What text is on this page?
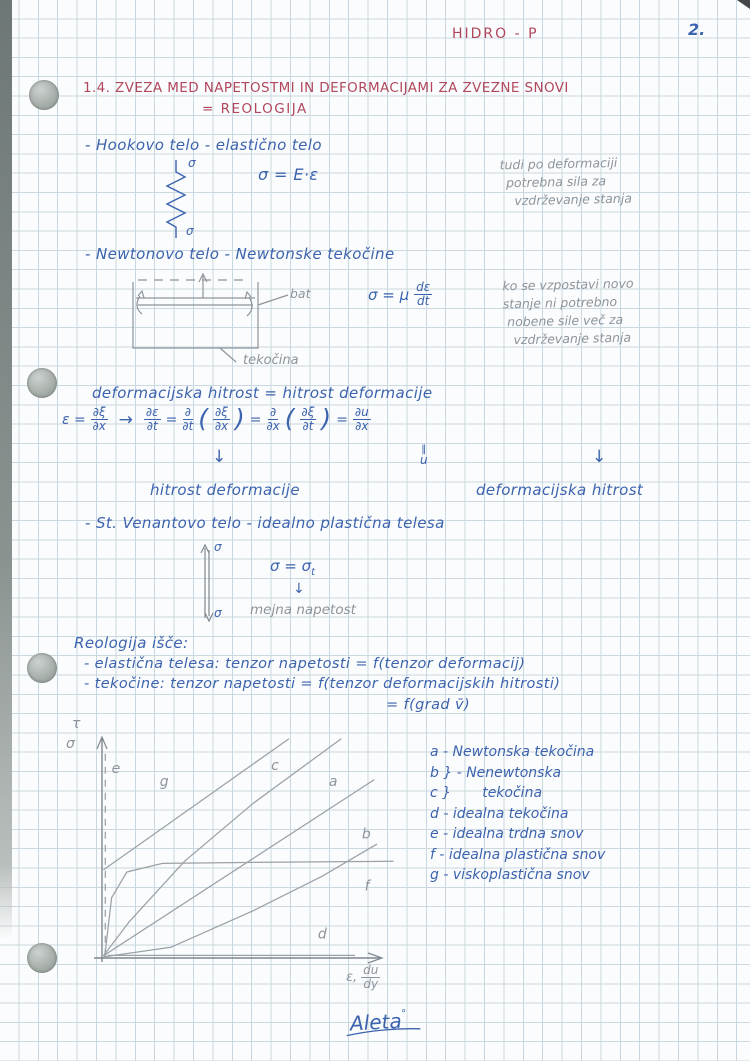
HIDRO - P	2.
1.4. ZVEZA MED NAPETOSTMI IN DEFORMACIJAMI ZA ZVEZNE SNOVI
= REOLOGIJA
- Hookovo telo - elastično telo
σ
σ
σ = E·ε
tudi po deformaciji
potrebna sila za
vzdrževanje stanja
- Newtonovo telo - Newtonske tekočine
bat
tekočina
σ = μ $\frac{d\varepsilon}{dt}$	ko se vzpostavi novo
stanje ni potrebno
nobene sile več za
vzdrževanje stanja
deformacijska hitrost = hitrost deformacije
$\varepsilon = \frac{\partial\xi}{\partial x} \to \frac{\partial\varepsilon}{\partial t}$ = ∂
∂t ( $\frac{\partial\xi}{\partial x}$ ) = ∂
∂x ( $\frac{\partial\xi}{\partial t}$ ) = $\frac{\partial u}{\partial x}$
↓	‖
u	↓
hitrost deformacije	deformacijska hitrost
- St. Venantovo telo - idealno plastična telesa
σ
σ
$\sigma = \sigma_t$
↓
mejna napetost
Reologija išče:
- elastična telesa: tenzor napetosti = f(tenzor deformacij)
- tekočine: tenzor napetosti = f(tenzor deformacijskih hitrosti)
= f(grad v̄)
e
g
c
a
b
f
d
τ
σ
ε, $\frac{du}{dy}$
a - Newtonska tekočina
b } - Nenewtonska
c }       tekočina
d - idealna tekočina
e - idealna trdna snov
f - idealna plastična snov
g - viskoplastična snov
Aleta°
